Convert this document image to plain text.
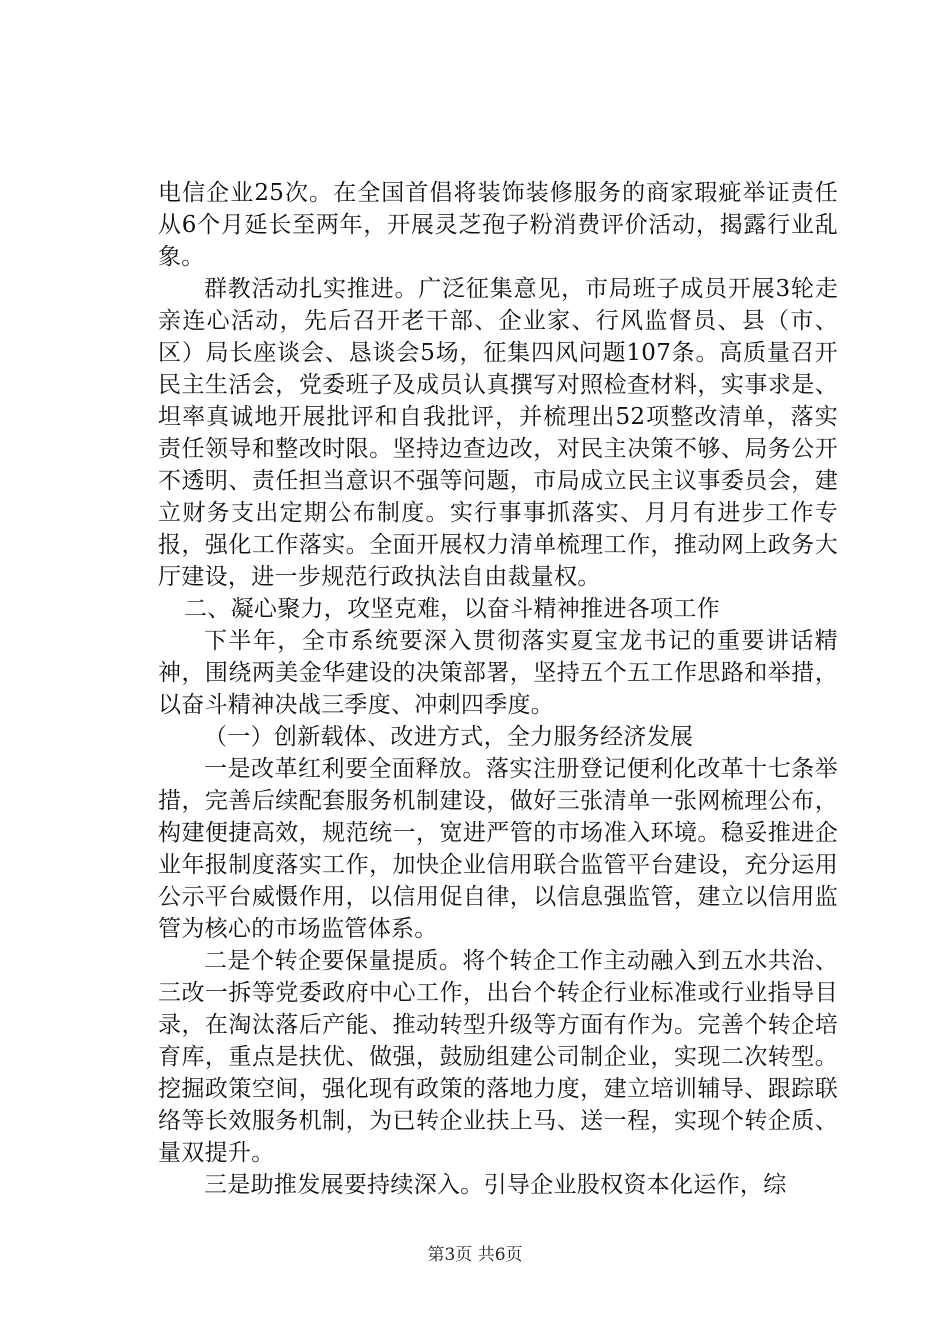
电信企业25次。在全国首倡将装饰装修服务的商家瑕疵举证责任从6个月延长至两年，开展灵芝孢子粉消费评价活动，揭露行业乱象。

群教活动扎实推进。广泛征集意见，市局班子成员开展3轮走亲连心活动，先后召开老干部、企业家、行风监督员、县（市、区）局长座谈会、恳谈会5场，征集四风问题107条。高质量召开民主生活会，党委班子及成员认真撰写对照检查材料，实事求是、坦率真诚地开展批评和自我批评，并梳理出52项整改清单，落实责任领导和整改时限。坚持边查边改，对民主决策不够、局务公开不透明、责任担当意识不强等问题，市局成立民主议事委员会，建立财务支出定期公布制度。实行事事抓落实、月月有进步工作专报，强化工作落实。全面开展权力清单梳理工作，推动网上政务大厅建设，进一步规范行政执法自由裁量权。

二、凝心聚力，攻坚克难，以奋斗精神推进各项工作

下半年，全市系统要深入贯彻落实夏宝龙书记的重要讲话精神，围绕两美金华建设的决策部署，坚持五个五工作思路和举措，以奋斗精神决战三季度、冲刺四季度。

（一）创新载体、改进方式，全力服务经济发展

一是改革红利要全面释放。落实注册登记便利化改革十七条举措，完善后续配套服务机制建设，做好三张清单一张网梳理公布，构建便捷高效，规范统一，宽进严管的市场准入环境。稳妥推进企业年报制度落实工作，加快企业信用联合监管平台建设，充分运用公示平台威慑作用，以信用促自律，以信息强监管，建立以信用监管为核心的市场监管体系。

二是个转企要保量提质。将个转企工作主动融入到五水共治、三改一拆等党委政府中心工作，出台个转企行业标准或行业指导目录，在淘汰落后产能、推动转型升级等方面有作为。完善个转企培育库，重点是扶优、做强，鼓励组建公司制企业，实现二次转型。挖掘政策空间，强化现有政策的落地力度，建立培训辅导、跟踪联络等长效服务机制，为已转企业扶上马、送一程，实现个转企质、量双提升。

三是助推发展要持续深入。引导企业股权资本化运作，综

第3页 共6页
